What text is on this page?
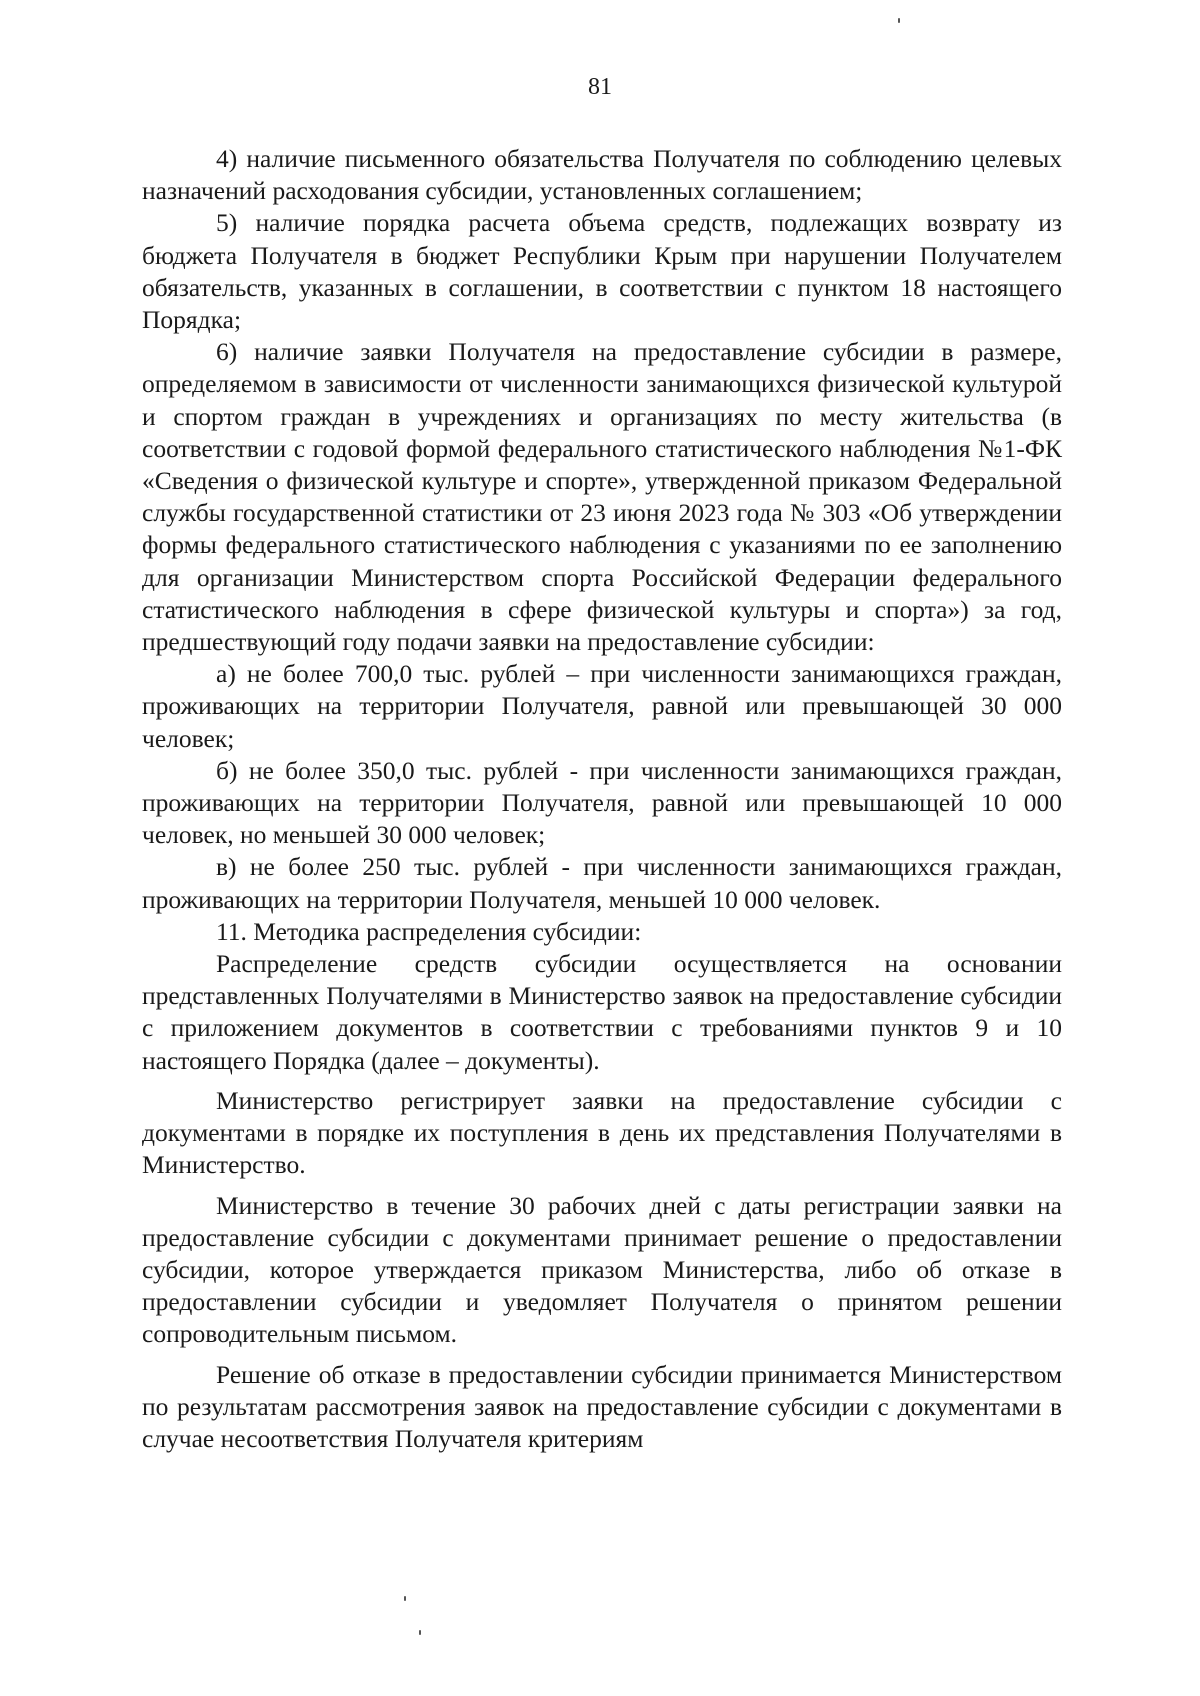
81

4) наличие письменного обязательства Получателя по соблюдению целевых назначений расходования субсидии, установленных соглашением;

5) наличие порядка расчета объема средств, подлежащих возврату из бюджета Получателя в бюджет Республики Крым при нарушении Получателем обязательств, указанных в соглашении, в соответствии с пунктом 18 настоящего Порядка;

6) наличие заявки Получателя на предоставление субсидии в размере, определяемом в зависимости от численности занимающихся физической культурой и спортом граждан в учреждениях и организациях по месту жительства (в соответствии с годовой формой федерального статистического наблюдения №1-ФК «Сведения о физической культуре и спорте», утвержденной приказом Федеральной службы государственной статистики от 23 июня 2023 года № 303 «Об утверждении формы федерального статистического наблюдения с указаниями по ее заполнению для организации Министерством спорта Российской Федерации федерального статистического наблюдения в сфере физической культуры и спорта») за год, предшествующий году подачи заявки на предоставление субсидии:

а) не более 700,0 тыс. рублей – при численности занимающихся граждан, проживающих на территории Получателя, равной или превышающей 30 000 человек;

б) не более 350,0 тыс. рублей - при численности занимающихся граждан, проживающих на территории Получателя, равной или превышающей 10 000 человек, но меньшей 30 000 человек;

в) не более 250 тыс. рублей - при численности занимающихся граждан, проживающих на территории Получателя, меньшей 10 000 человек.

11. Методика распределения субсидии:

Распределение средств субсидии осуществляется на основании представленных Получателями в Министерство заявок на предоставление субсидии с приложением документов в соответствии с требованиями пунктов 9 и 10 настоящего Порядка (далее – документы).

Министерство регистрирует заявки на предоставление субсидии с документами в порядке их поступления в день их представления Получателями в Министерство.

Министерство в течение 30 рабочих дней с даты регистрации заявки на предоставление субсидии с документами принимает решение о предоставлении субсидии, которое утверждается приказом Министерства, либо об отказе в предоставлении субсидии и уведомляет Получателя о принятом решении сопроводительным письмом.

Решение об отказе в предоставлении субсидии принимается Министерством по результатам рассмотрения заявок на предоставление субсидии с документами в случае несоответствия Получателя критериям
